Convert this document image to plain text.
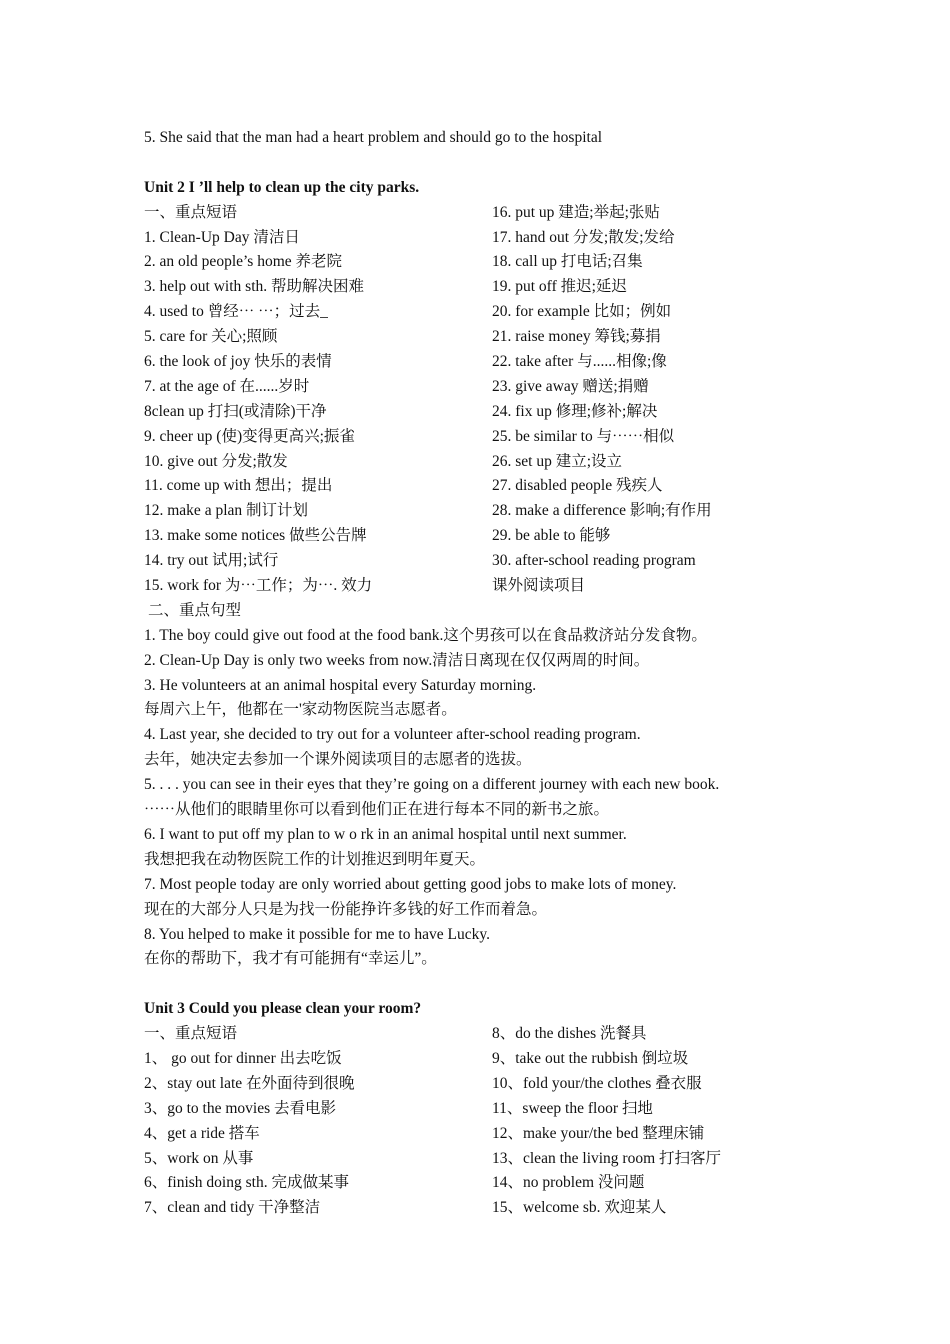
5. She said that the man had a heart problem and should go to the hospital
Unit 2 I ’ll help to clean up the city parks.
一、重点短语
1. Clean-Up Day 清洁日
2. an old people’s home 养老院
3. help out with sth. 帮助解决困难
4. used to 曾经⋯ ⋯；过去_
5. care for 关心;照顾
6. the look of joy 快乐的表情
7. at the age of 在......岁时
8clean up 打扫(或清除)干净
9. cheer up (使)变得更高兴;振雀
10. give out 分发;散发
11. come up with 想出；提出
12. make a plan 制订计划
13. make some notices 做些公告牌
14. try out 试用;试行
15. work for 为⋯工作；为⋯. 效力
16. put up 建造;举起;张贴
17. hand out 分发;散发;发给
18. call up 打电话;召集
19. put off 推迟;延迟
20. for example 比如；例如
21. raise money 筹钱;募捐
22. take after 与......相像;像
23. give away 赠送;捐赠
24. fix up 修理;修补;解决
25. be similar to 与⋯⋯相似
26. set up 建立;设立
27. disabled people 残疾人
28. make a difference 影响;有作用
29. be able to 能够
30. after-school reading program
课外阅读项目
二、重点句型
1. The boy could give out food at the food bank.这个男孩可以在食品救济站分发食物。
2. Clean-Up Day is only two weeks from now.清洁日离现在仅仅两周的时间。
3. He volunteers at an animal hospital every Saturday morning.
每周六上午，他都在一'家动物医院当志愿者。
4. Last year, she decided to try out for a volunteer after-school reading program.
去年，她决定去参加一个课外阅读项目的志愿者的选拔。
5. . . . you can see in their eyes that they’re going on a different journey with each new book.
⋯⋯从他们的眼睛里你可以看到他们正在进行每本不同的新书之旅。
6. I want to put off my plan to w o rk in an animal hospital until next summer.
我想把我在动物医院工作的计划推迟到明年夏天。
7. Most people today are only worried about getting good jobs to make lots of money.
现在的大部分人只是为找一份能挣许多钱的好工作而着急。
8. You helped to make it possible for me to have Lucky.
在你的帮助下，我才有可能拥有“幸运儿”。
Unit 3 Could you please clean your room?
一、重点短语
1、 go out for dinner 出去吃饭
2、stay out late 在外面待到很晚
3、go to the movies 去看电影
4、get a ride 搭车
5、work on 从事
6、finish doing sth. 完成做某事
7、clean and tidy 干净整洁
8、do the dishes 洗餐具
9、take out the rubbish 倒垃圾
10、fold your/the clothes 叠衣服
11、sweep the floor 扫地
12、make your/the bed 整理床铺
13、clean the living room 打扫客厅
14、no problem 没问题
15、welcome sb. 欢迎某人
